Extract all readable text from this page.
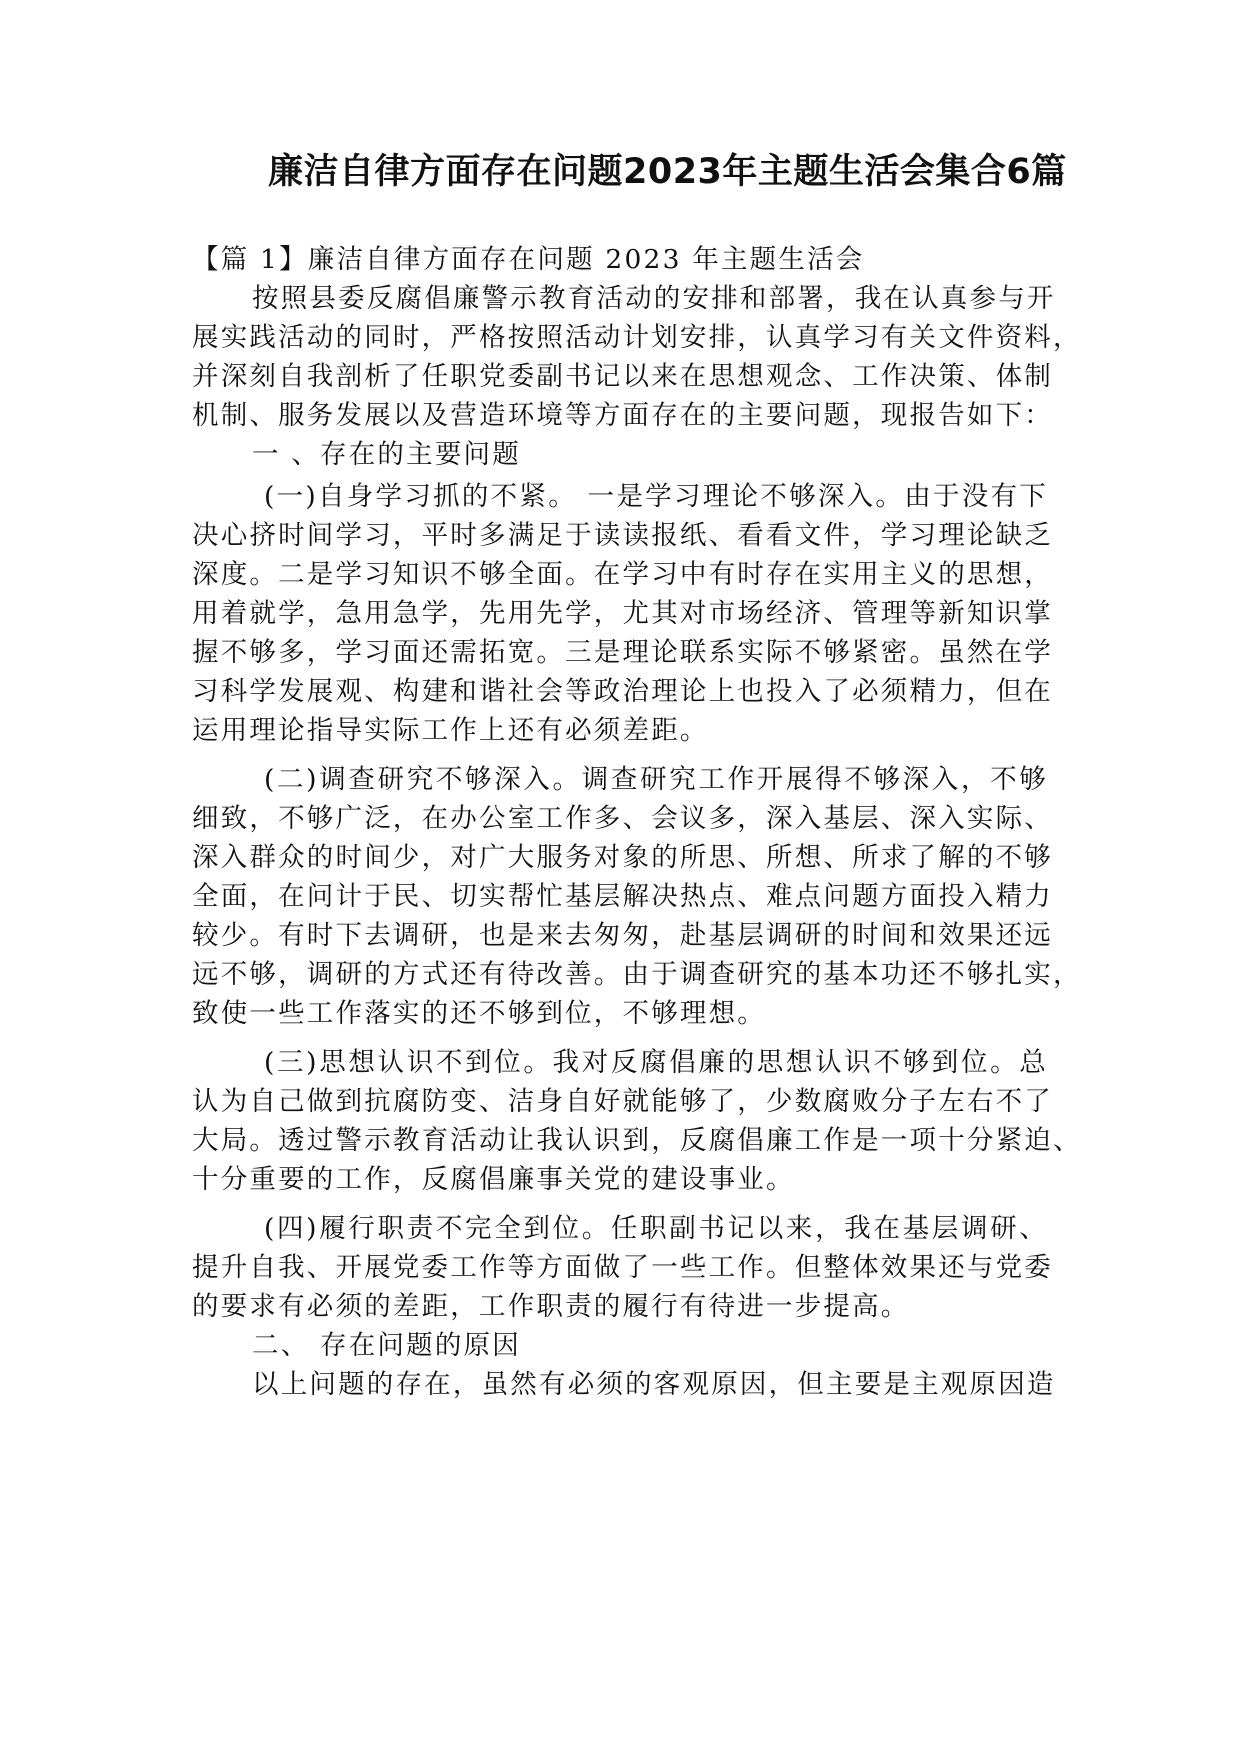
廉洁自律方面存在问题2023年主题生活会集合6篇
【篇 1】廉洁自律方面存在问题 2023 年主题生活会
按照县委反腐倡廉警示教育活动的安排和部署，我在认真参与开
展实践活动的同时，严格按照活动计划安排，认真学习有关文件资料，
并深刻自我剖析了任职党委副书记以来在思想观念、工作决策、体制
机制、服务发展以及营造环境等方面存在的主要问题，现报告如下：
一 、存在的主要问题
(一)自身学习抓的不紧。 一是学习理论不够深入。由于没有下
决心挤时间学习，平时多满足于读读报纸、看看文件，学习理论缺乏
深度。二是学习知识不够全面。在学习中有时存在实用主义的思想，
用着就学，急用急学，先用先学，尤其对市场经济、管理等新知识掌
握不够多，学习面还需拓宽。三是理论联系实际不够紧密。虽然在学
习科学发展观、构建和谐社会等政治理论上也投入了必须精力，但在
运用理论指导实际工作上还有必须差距。
(二)调查研究不够深入。调查研究工作开展得不够深入，不够
细致，不够广泛，在办公室工作多、会议多，深入基层、深入实际、
深入群众的时间少，对广大服务对象的所思、所想、所求了解的不够
全面，在问计于民、切实帮忙基层解决热点、难点问题方面投入精力
较少。有时下去调研，也是来去匆匆，赴基层调研的时间和效果还远
远不够，调研的方式还有待改善。由于调查研究的基本功还不够扎实，
致使一些工作落实的还不够到位，不够理想。
(三)思想认识不到位。我对反腐倡廉的思想认识不够到位。总
认为自己做到抗腐防变、洁身自好就能够了，少数腐败分子左右不了
大局。透过警示教育活动让我认识到，反腐倡廉工作是一项十分紧迫、
十分重要的工作，反腐倡廉事关党的建设事业。
(四)履行职责不完全到位。任职副书记以来，我在基层调研、
提升自我、开展党委工作等方面做了一些工作。但整体效果还与党委
的要求有必须的差距，工作职责的履行有待进一步提高。
二、 存在问题的原因
以上问题的存在，虽然有必须的客观原因，但主要是主观原因造
